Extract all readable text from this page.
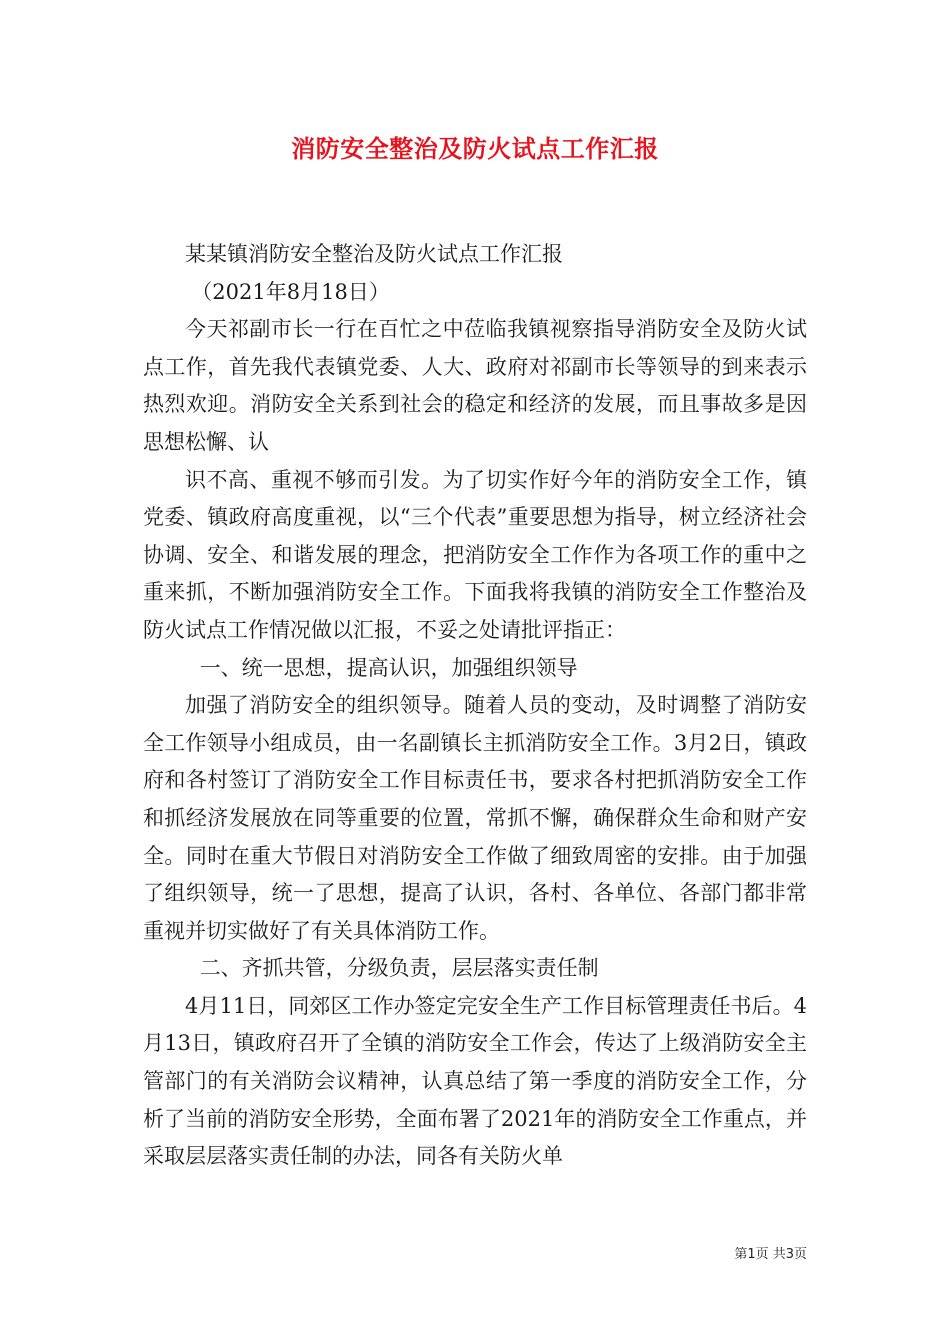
消防安全整治及防火试点工作汇报

某某镇消防安全整治及防火试点工作汇报

（2021年8月18日）

今天祁副市长一行在百忙之中莅临我镇视察指导消防安全及防火试点工作，首先我代表镇党委、人大、政府对祁副市长等领导的到来表示热烈欢迎。消防安全关系到社会的稳定和经济的发展，而且事故多是因思想松懈、认

识不高、重视不够而引发。为了切实作好今年的消防安全工作，镇党委、镇政府高度重视，以“三个代表”重要思想为指导，树立经济社会协调、安全、和谐发展的理念，把消防安全工作作为各项工作的重中之重来抓，不断加强消防安全工作。下面我将我镇的消防安全工作整治及防火试点工作情况做以汇报，不妥之处请批评指正：

一、统一思想，提高认识，加强组织领导

加强了消防安全的组织领导。随着人员的变动，及时调整了消防安全工作领导小组成员，由一名副镇长主抓消防安全工作。3月2日，镇政府和各村签订了消防安全工作目标责任书，要求各村把抓消防安全工作和抓经济发展放在同等重要的位置，常抓不懈，确保群众生命和财产安全。同时在重大节假日对消防安全工作做了细致周密的安排。由于加强了组织领导，统一了思想，提高了认识，各村、各单位、各部门都非常重视并切实做好了有关具体消防工作。

二、齐抓共管，分级负责，层层落实责任制

4月11日，同郊区工作办签定完安全生产工作目标管理责任书后。4月13日，镇政府召开了全镇的消防安全工作会，传达了上级消防安全主管部门的有关消防会议精神，认真总结了第一季度的消防安全工作，分析了当前的消防安全形势，全面布署了2021年的消防安全工作重点，并采取层层落实责任制的办法，同各有关防火单

第1页 共3页
